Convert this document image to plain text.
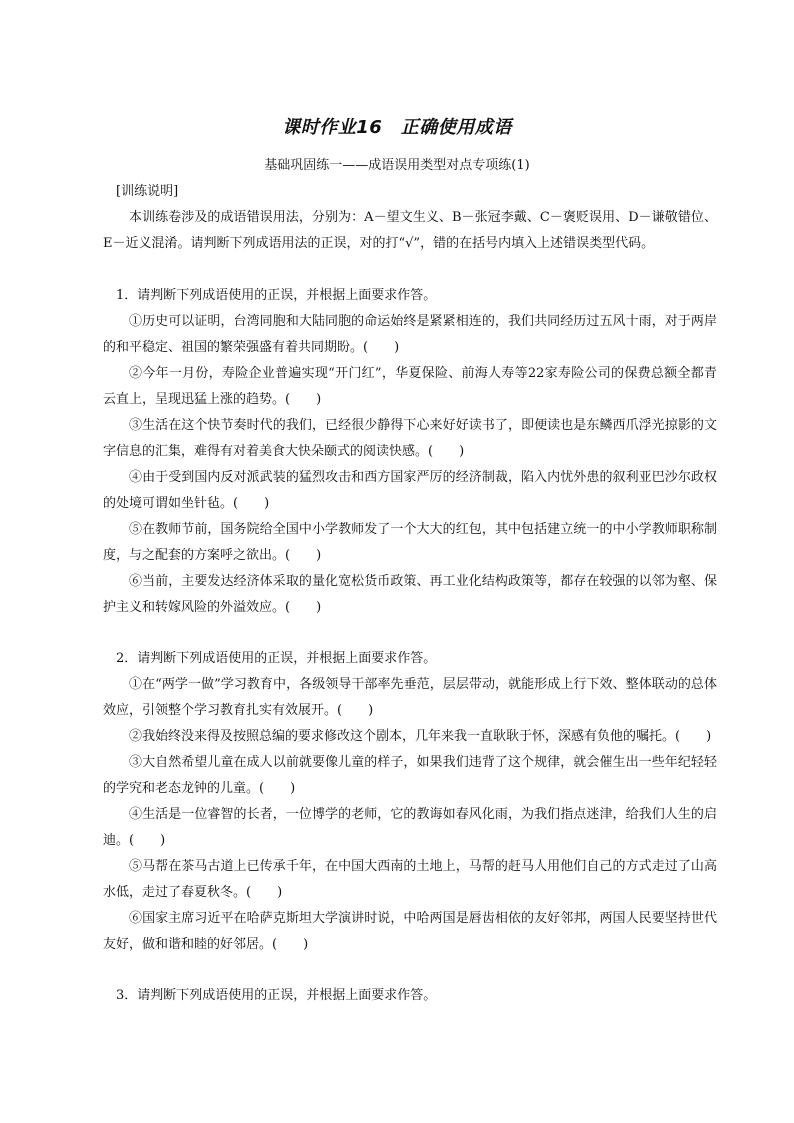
课时作业16　正确使用成语
基础巩固练一——成语误用类型对点专项练(1)

[训练说明]

本训练卷涉及的成语错误用法，分别为：A－望文生义、B－张冠李戴、C－褒贬误用、D－谦敬错位、E－近义混淆。请判断下列成语用法的正误，对的打“√”，错的在括号内填入上述错误类型代码。

1．请判断下列成语使用的正误，并根据上面要求作答。

①历史可以证明，台湾同胞和大陆同胞的命运始终是紧紧相连的，我们共同经历过五风十雨，对于两岸的和平稳定、祖国的繁荣强盛有着共同期盼。(　　)

②今年一月份，寿险企业普遍实现“开门红”，华夏保险、前海人寿等22家寿险公司的保费总额全都青云直上，呈现迅猛上涨的趋势。(　　)

③生活在这个快节奏时代的我们，已经很少静得下心来好好读书了，即便读也是东鳞西爪浮光掠影的文字信息的汇集，难得有对着美食大快朵颐式的阅读快感。(　　)

④由于受到国内反对派武装的猛烈攻击和西方国家严厉的经济制裁，陷入内忧外患的叙利亚巴沙尔政权的处境可谓如坐针毡。(　　)

⑤在教师节前，国务院给全国中小学教师发了一个大大的红包，其中包括建立统一的中小学教师职称制度，与之配套的方案呼之欲出。(　　)

⑥当前，主要发达经济体采取的量化宽松货币政策、再工业化结构政策等，都存在较强的以邻为壑、保护主义和转嫁风险的外溢效应。(　　)

2．请判断下列成语使用的正误，并根据上面要求作答。

①在“两学一做”学习教育中，各级领导干部率先垂范，层层带动，就能形成上行下效、整体联动的总体效应，引领整个学习教育扎实有效展开。(　　)

②我始终没来得及按照总编的要求修改这个剧本，几年来我一直耿耿于怀，深感有负他的嘱托。(　　)

③大自然希望儿童在成人以前就要像儿童的样子，如果我们违背了这个规律，就会催生出一些年纪轻轻的学究和老态龙钟的儿童。(　　)

④生活是一位睿智的长者，一位博学的老师，它的教诲如春风化雨，为我们指点迷津，给我们人生的启迪。(　　)

⑤马帮在茶马古道上已传承千年，在中国大西南的土地上，马帮的赶马人用他们自己的方式走过了山高水低，走过了春夏秋冬。(　　)

⑥国家主席习近平在哈萨克斯坦大学演讲时说，中哈两国是唇齿相依的友好邻邦，两国人民要坚持世代友好，做和谐和睦的好邻居。(　　)

3．请判断下列成语使用的正误，并根据上面要求作答。
